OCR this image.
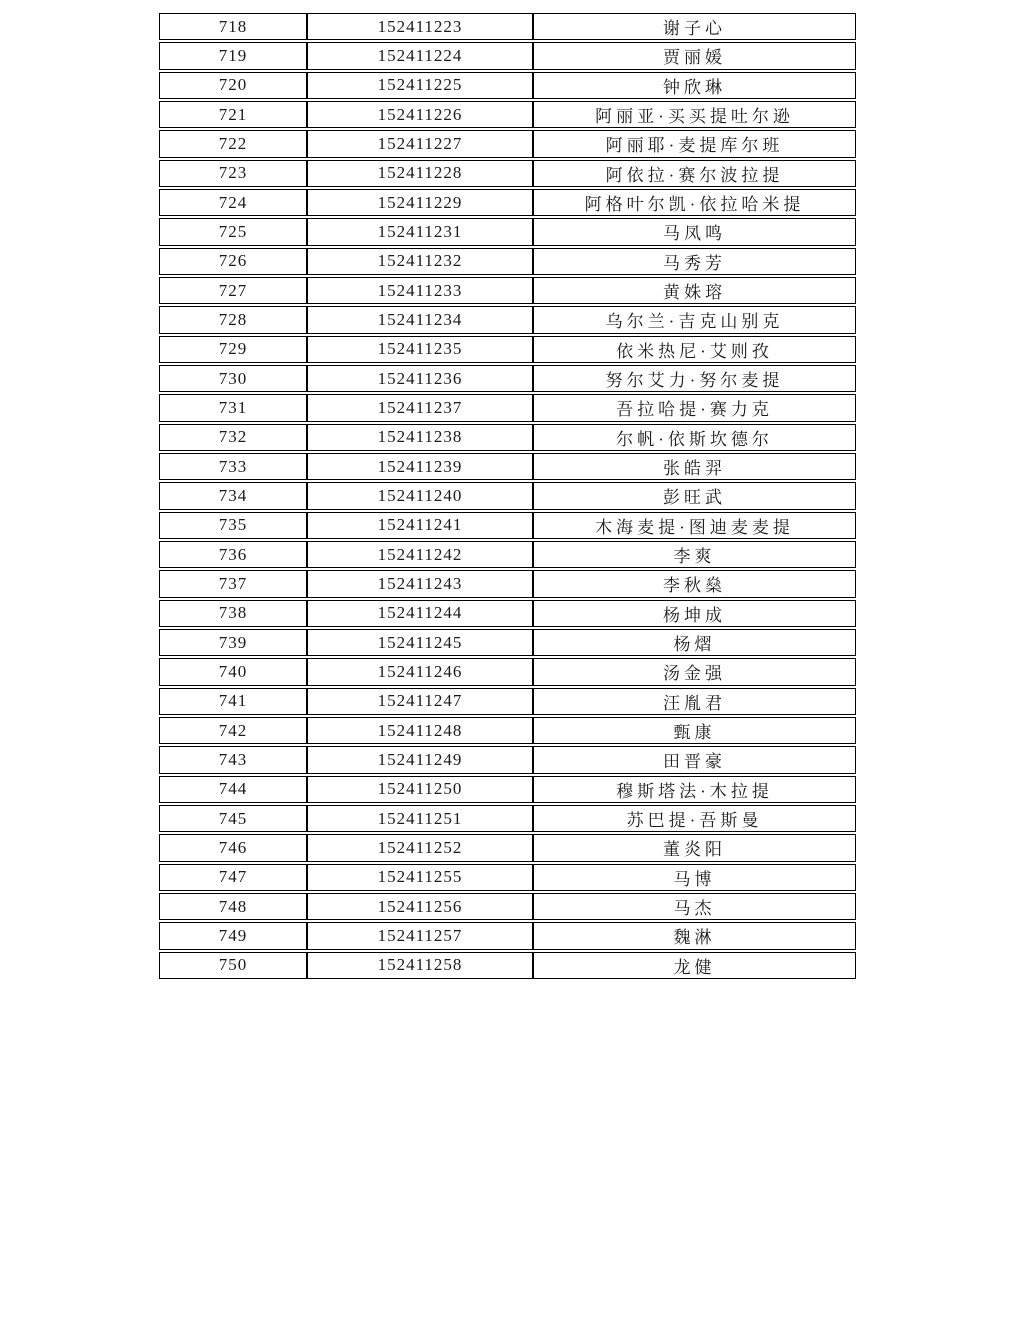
718	152411223	谢子心
719	152411224	贾丽媛
720	152411225	钟欣琳
721	152411226	阿丽亚·买买提吐尔逊
722	152411227	阿丽耶·麦提库尔班
723	152411228	阿依拉·赛尔波拉提
724	152411229	阿格叶尔凯·依拉哈米提
725	152411231	马凤鸣
726	152411232	马秀芳
727	152411233	黄姝瑢
728	152411234	乌尔兰·吉克山别克
729	152411235	依米热尼·艾则孜
730	152411236	努尔艾力·努尔麦提
731	152411237	吾拉哈提·赛力克
732	152411238	尔帆·依斯坎德尔
733	152411239	张皓羿
734	152411240	彭旺武
735	152411241	木海麦提·图迪麦麦提
736	152411242	李爽
737	152411243	李秋燊
738	152411244	杨坤成
739	152411245	杨熠
740	152411246	汤金强
741	152411247	汪胤君
742	152411248	甄康
743	152411249	田晋豪
744	152411250	穆斯塔法·木拉提
745	152411251	苏巴提·吾斯曼
746	152411252	董炎阳
747	152411255	马博
748	152411256	马杰
749	152411257	魏淋
750	152411258	龙健
